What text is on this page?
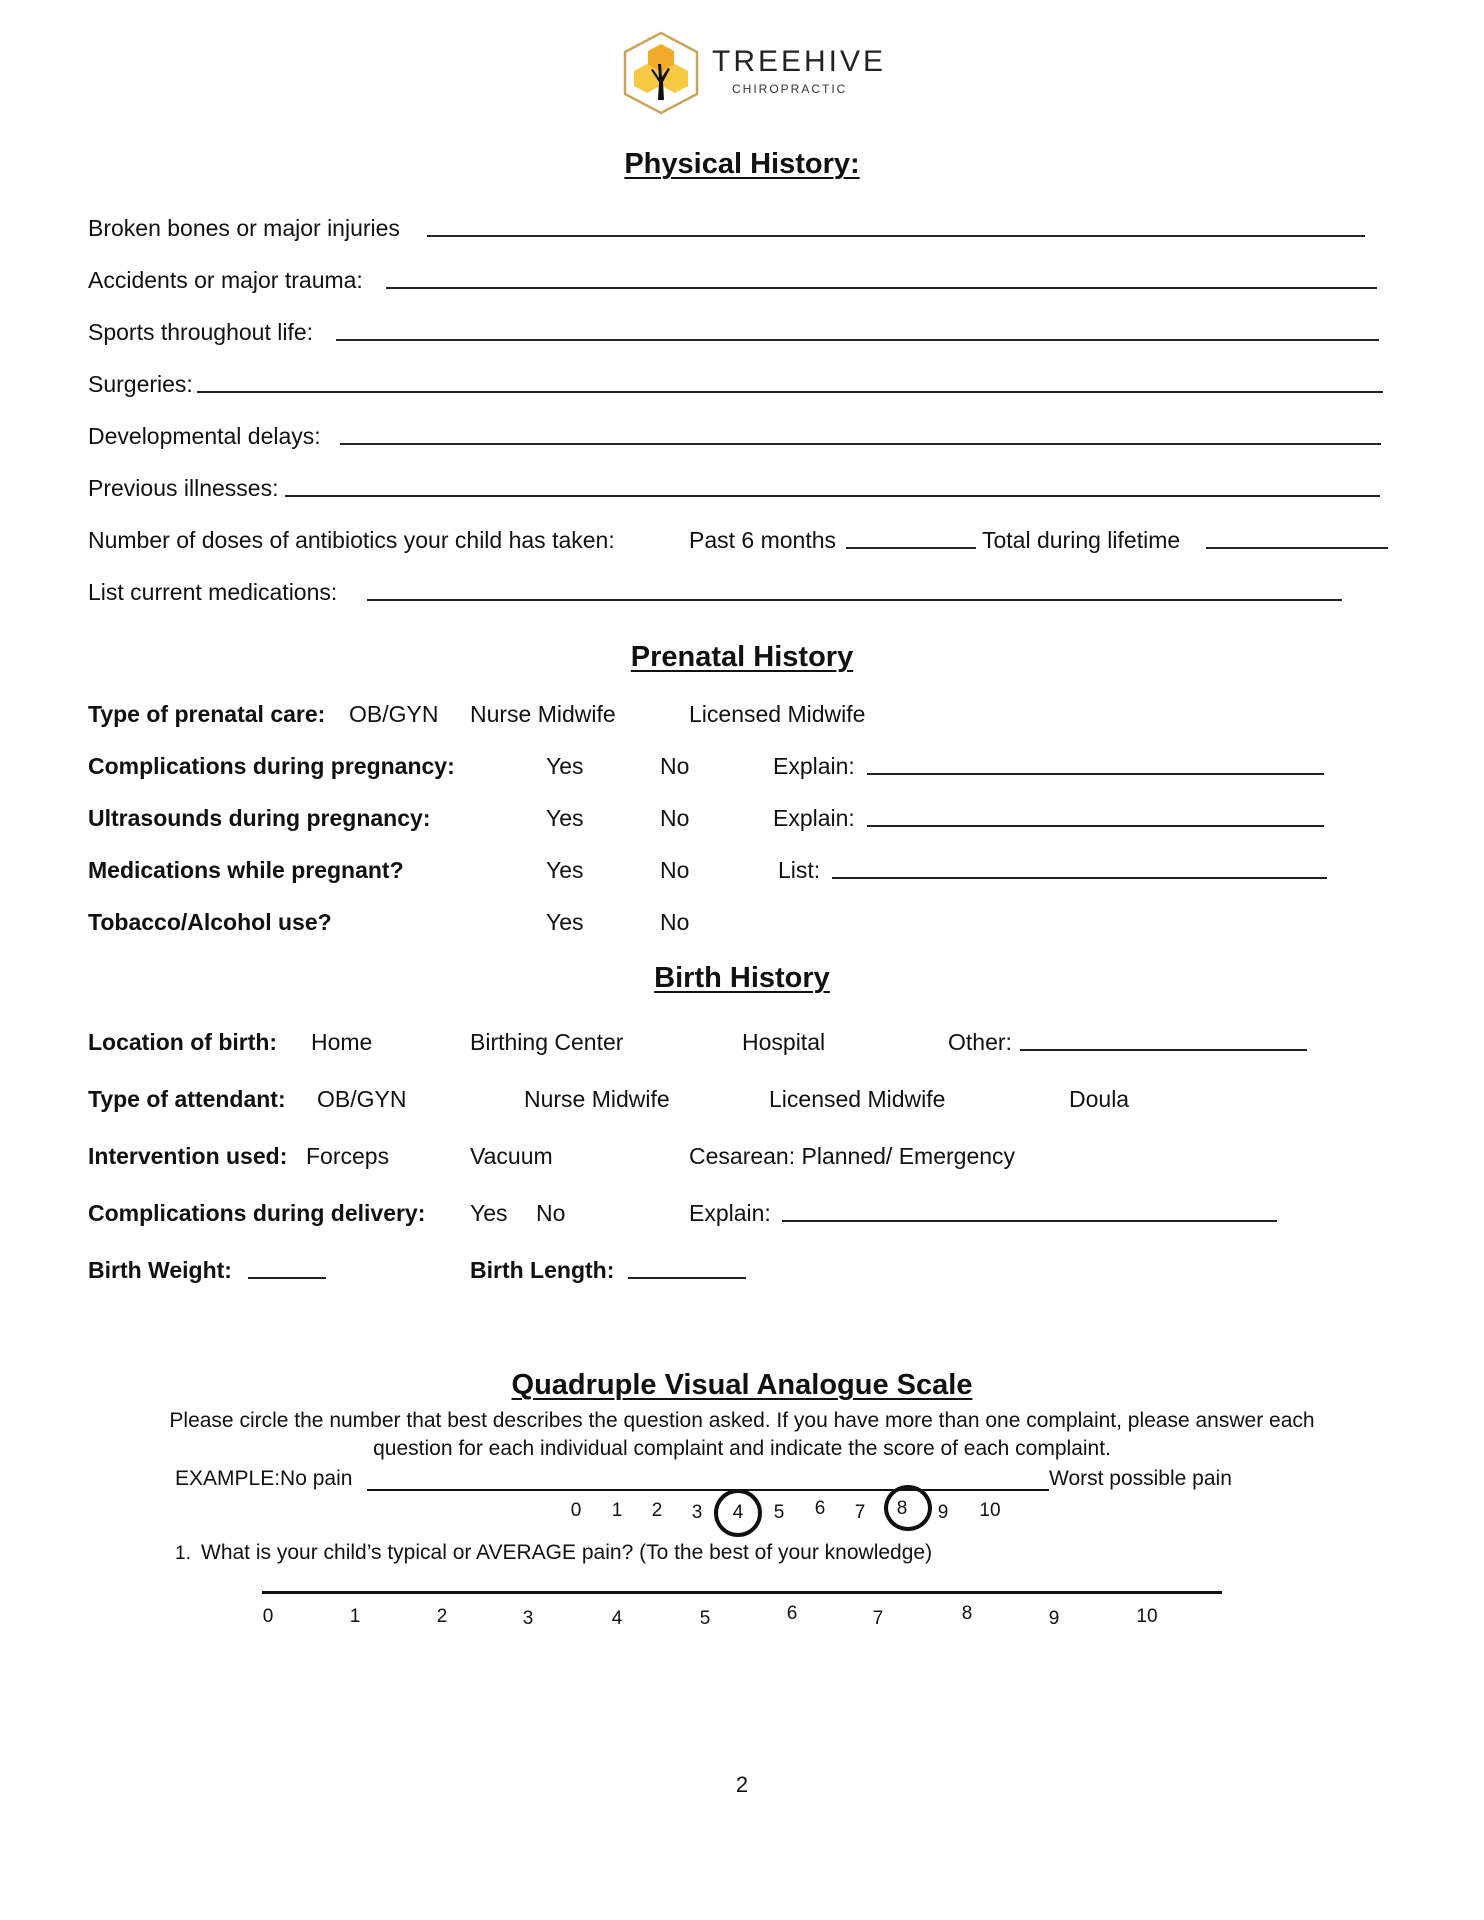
TREEHIVE
CHIROPRACTIC
Physical History:
Broken bones or major injuries
Accidents or major trauma:
Sports throughout life:
Surgeries:
Developmental delays:
Previous illnesses:
Number of doses of antibiotics your child has taken:	Past 6 months	Total during lifetime
List current medications:
Prenatal History
Type of prenatal care: OB/GYN Nurse Midwife	Licensed Midwife
Complications during pregnancy:	Yes	No	Explain:
Ultrasounds during pregnancy:	Yes	No	Explain:
Medications while pregnant?	Yes	No	List:
Tobacco/Alcohol use?	Yes	No
Birth History
Location of birth: Home	Birthing Center	Hospital	Other:
Type of attendant: OB/GYN	Nurse Midwife	Licensed Midwife	Doula
Intervention used: Forceps	Vacuum	Cesarean: Planned/ Emergency
Complications during delivery: Yes No	Explain:
Birth Weight:	Birth Length:
Quadruple Visual Analogue Scale
Please circle the number that best describes the question asked. If you have more than one complaint, please answer each
question for each individual complaint and indicate the score of each complaint.
EXAMPLE:No pain	Worst possible pain
0	1	2	3	4	5	6	7	8	9	10
1. What is your child’s typical or AVERAGE pain? (To the best of your knowledge)
0	1	2	3	4	5	6	7	8	9	10
2
